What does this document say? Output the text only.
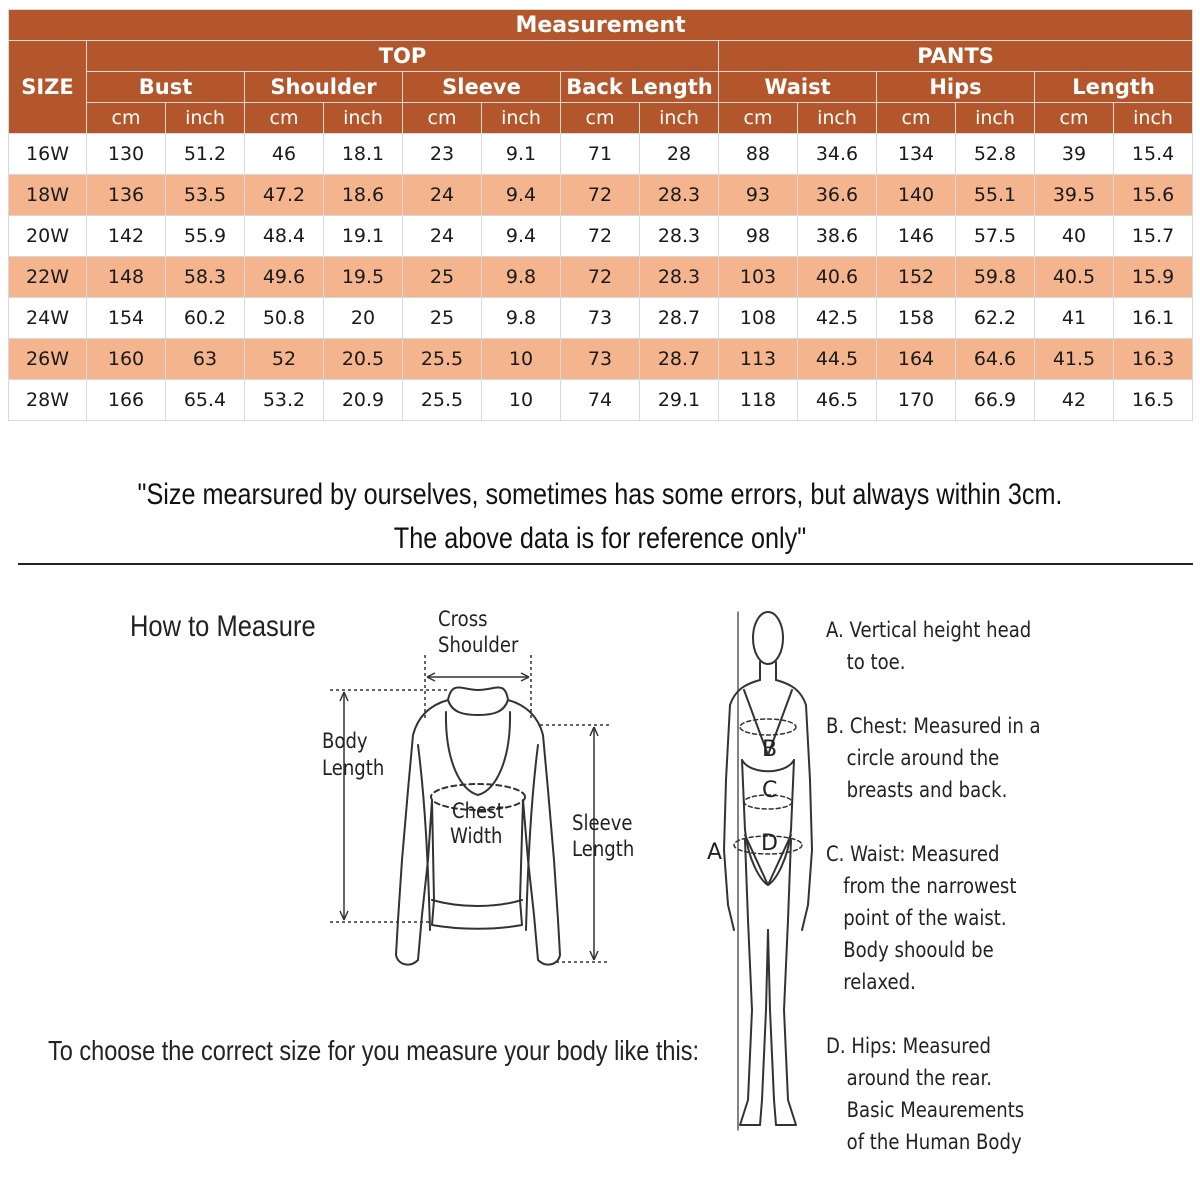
Measurement														
SIZE	TOP								PANTS					
	Bust		Shoulder		Sleeve		Back Length		Waist		Hips		Length	
	cm	inch	cm	inch	cm	inch	cm	inch	cm	inch	cm	inch	cm	inch
16W	130	51.2	46	18.1	23	9.1	71	28	88	34.6	134	52.8	39	15.4
18W	136	53.5	47.2	18.6	24	9.4	72	28.3	93	36.6	140	55.1	39.5	15.6
20W	142	55.9	48.4	19.1	24	9.4	72	28.3	98	38.6	146	57.5	40	15.7
22W	148	58.3	49.6	19.5	25	9.8	72	28.3	103	40.6	152	59.8	40.5	15.9
24W	154	60.2	50.8	20	25	9.8	73	28.7	108	42.5	158	62.2	41	16.1
26W	160	63	52	20.5	25.5	10	73	28.7	113	44.5	164	64.6	41.5	16.3
28W	166	65.4	53.2	20.9	25.5	10	74	29.1	118	46.5	170	66.9	42	16.5
"Size mearsured by ourselves, sometimes has some errors, but always within 3cm.
The above data is for reference only"
How to Measure
To choose the correct size for you measure your body like this:
Cross
Shoulder
Body
Length
Chest
Width
Sleeve
Length	A
B
C
D
A. Vertical height head
to toe.
B. Chest: Measured in a
circle around the
breasts and back.
C. Waist: Measured
from the narrowest
point of the waist.
Body shoould be
relaxed.
D. Hips: Measured
around the rear.
Basic Meaurements
of the Human Body
